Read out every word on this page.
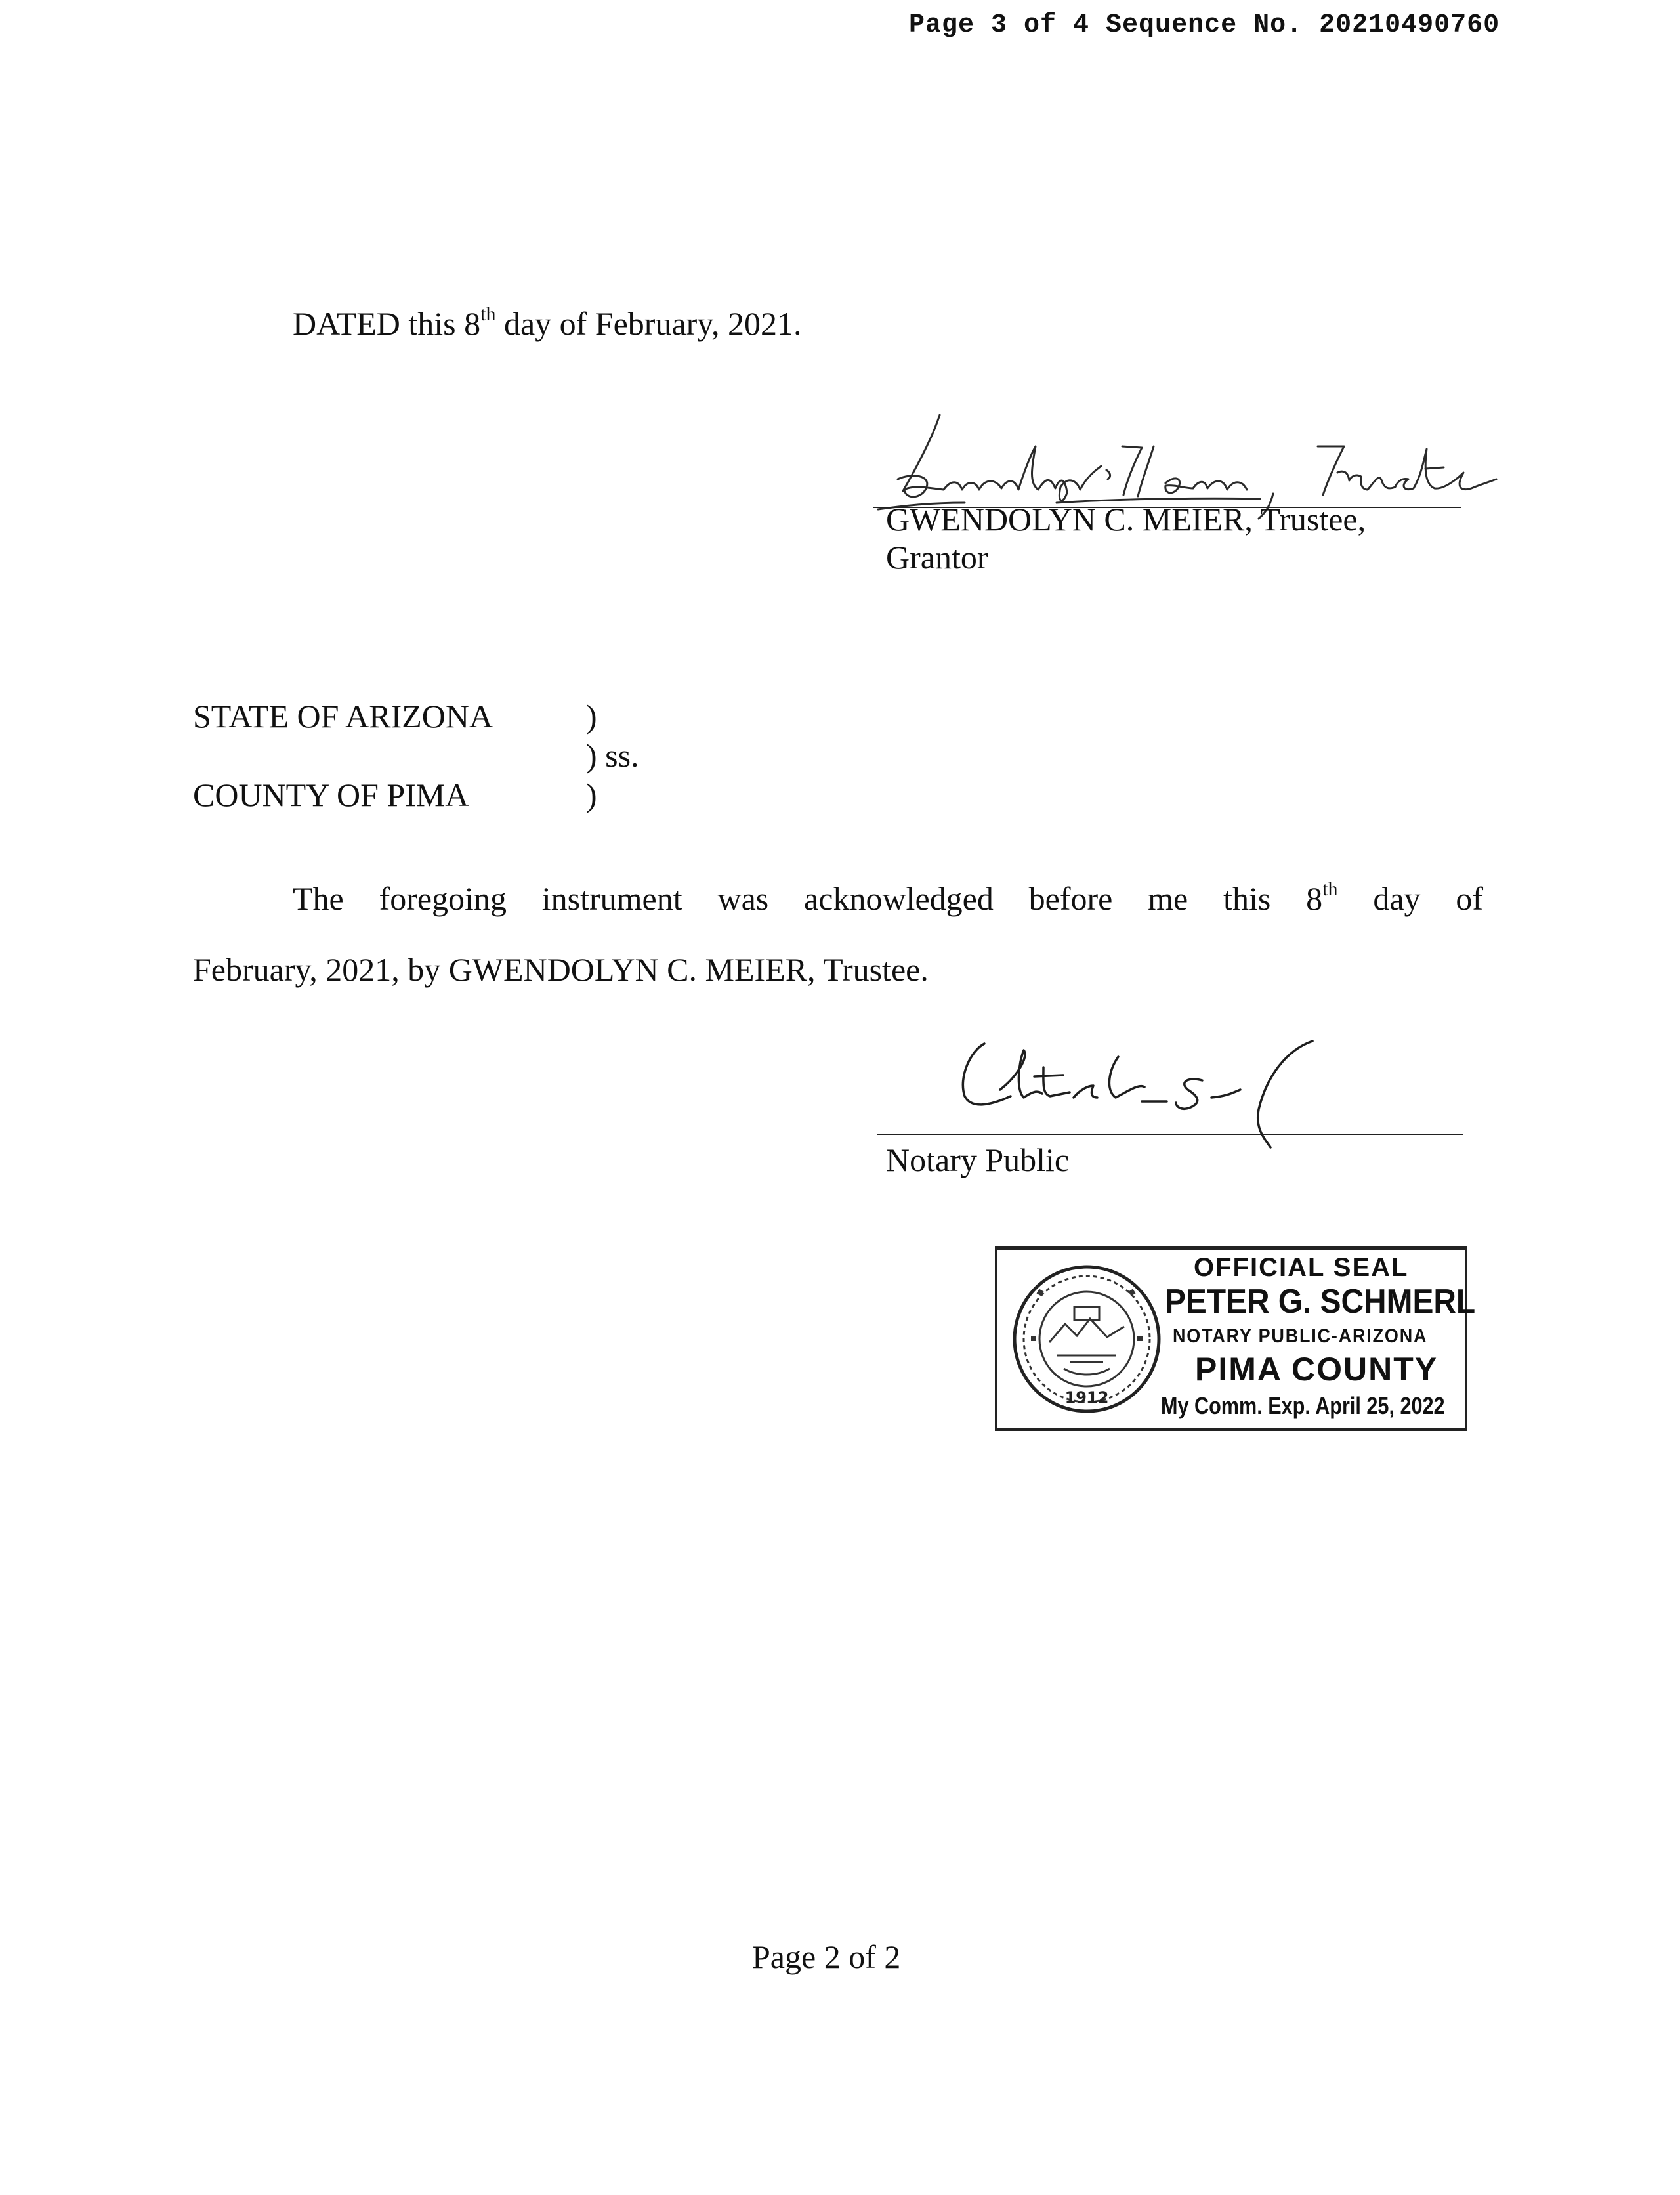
Page 3 of 4 Sequence No. 20210490760
DATED this 8th day of February, 2021.
GWENDOLYN C. MEIER, Trustee,
Grantor
STATE OF ARIZONA	)
) ss.
COUNTY OF PIMA	)
The foregoing instrument was acknowledged before me this 8th day of
February, 2021, by GWENDOLYN C. MEIER, Trustee.
Notary Public
1912
OFFICIAL SEAL
PETER G. SCHMERL
NOTARY PUBLIC-ARIZONA
PIMA COUNTY
My Comm. Exp. April 25, 2022
Page 2 of 2
